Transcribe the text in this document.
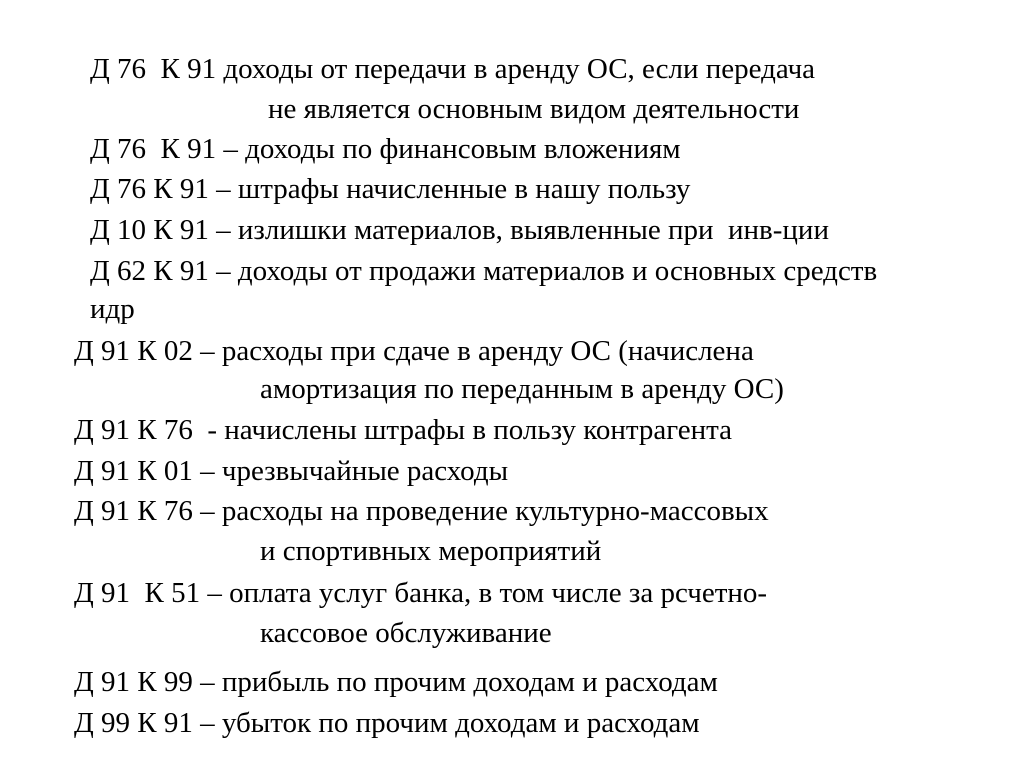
Д 76  К 91 доходы от передачи в аренду ОС, если передача
не является основным видом деятельности
Д 76  К 91 – доходы по финансовым вложениям
Д 76 К 91 – штрафы начисленные в нашу пользу
Д 10 К 91 – излишки материалов, выявленные при  инв-ции
Д 62 К 91 – доходы от продажи материалов и основных средств
идр
Д 91 К 02 – расходы при сдаче в аренду ОС (начислена
амортизация по переданным в аренду ОС)
Д 91 К 76  - начислены штрафы в пользу контрагента
Д 91 К 01 – чрезвычайные расходы
Д 91 К 76 – расходы на проведение культурно-массовых
и спортивных мероприятий
Д 91  К 51 – оплата услуг банка, в том числе за рсчетно-
кассовое обслуживание
Д 91 К 99 – прибыль по прочим доходам и расходам
Д 99 К 91 – убыток по прочим доходам и расходам
